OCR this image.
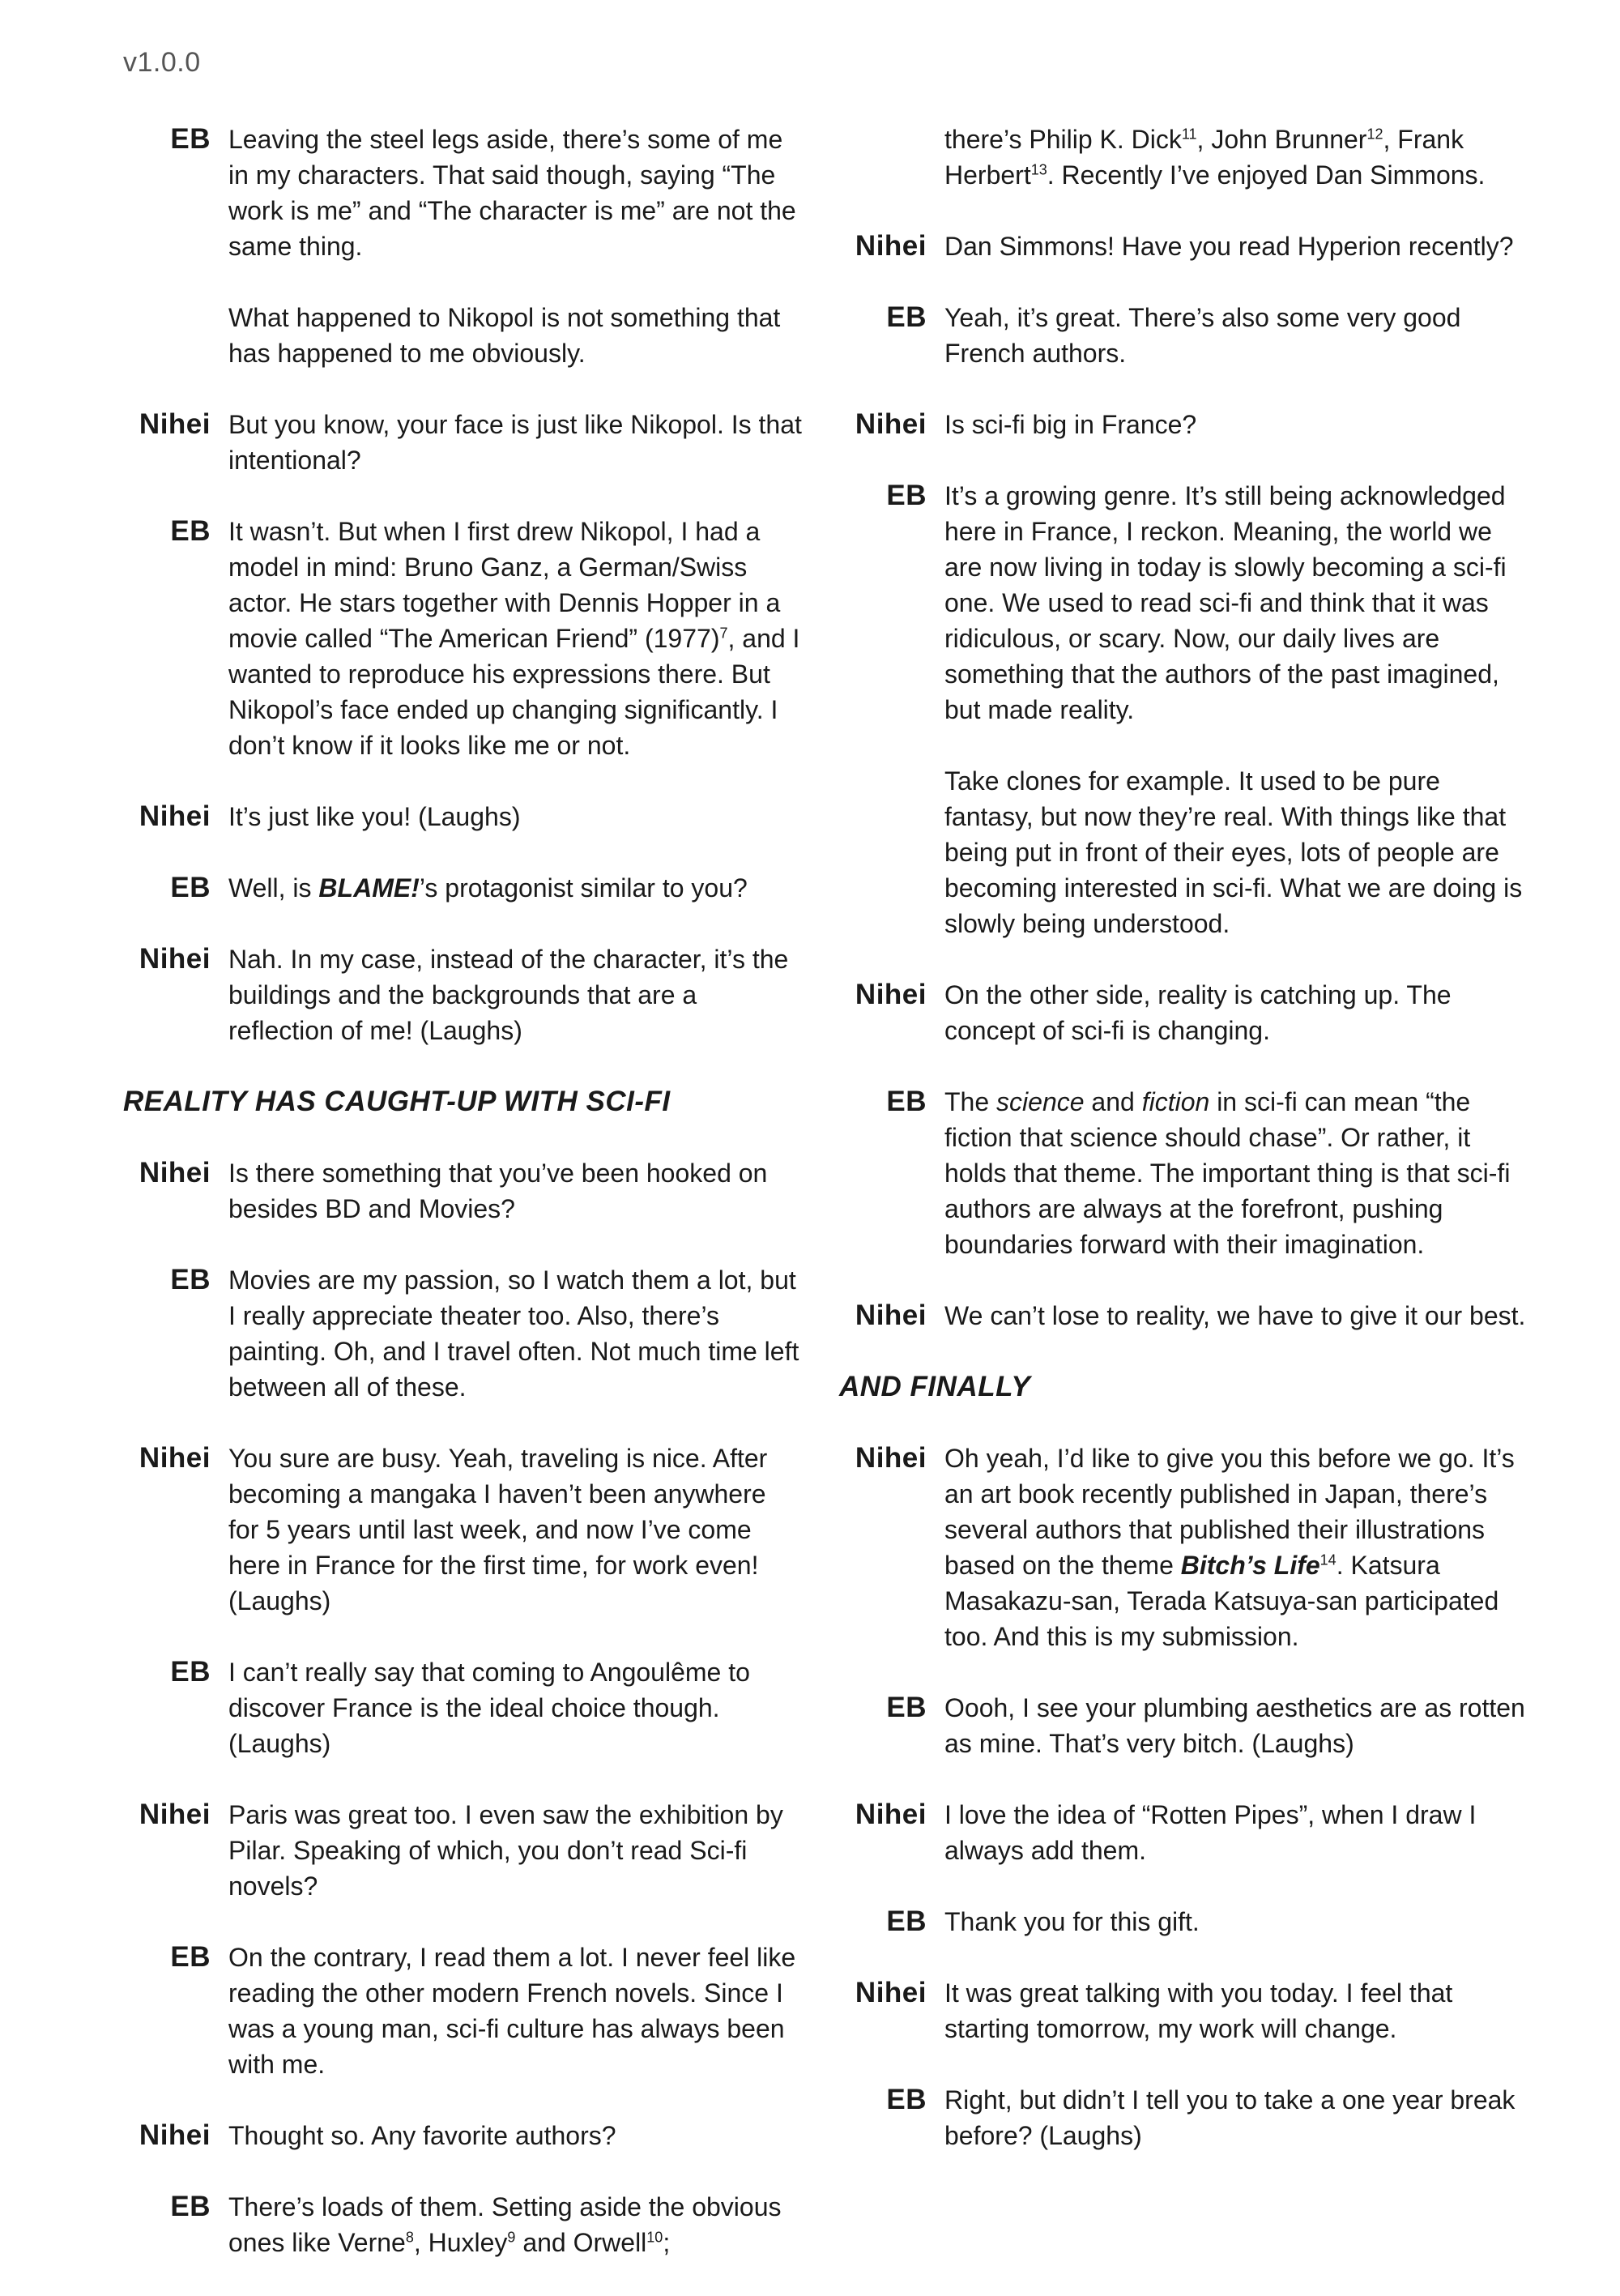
v1.0.0
EB Leaving the steel legs aside, there’s some of me in my characters. That said though, saying “The work is me” and “The character is me” are not the same thing.

What happened to Nikopol is not something that has happened to me obviously.

Nihei But you know, your face is just like Nikopol. Is that intentional?

EB It wasn’t. But when I first drew Nikopol, I had a model in mind: Bruno Ganz, a German/Swiss actor. He stars together with Dennis Hopper in a movie called “The American Friend” $(1977)^7$, and I wanted to reproduce his expressions there. But Nikopol’s face ended up changing significantly. I don’t know if it looks like me or not.

Nihei It’s just like you! (Laughs)

EB Well, is BLAME!’s protagonist similar to you?

Nihei Nah. In my case, instead of the character, it’s the buildings and the backgrounds that are a reflection of me! (Laughs)

REALITY HAS CAUGHT-UP WITH SCI-FI
Nihei Is there something that you’ve been hooked on besides BD and Movies?

EB Movies are my passion, so I watch them a lot, but I really appreciate theater too. Also, there’s painting. Oh, and I travel often. Not much time left between all of these.

Nihei You sure are busy. Yeah, traveling is nice. After becoming a mangaka I haven’t been anywhere for 5 years until last week, and now I’ve come here in France for the first time, for work even! (Laughs)

EB I can’t really say that coming to Angoulême to discover France is the ideal choice though. (Laughs)

Nihei Paris was great too. I even saw the exhibition by Pilar. Speaking of which, you don’t read Sci-fi novels?

EB On the contrary, I read them a lot. I never feel like reading the other modern French novels. Since I was a young man, sci-fi culture has always been with me.

Nihei Thought so. Any favorite authors?

EB There’s loads of them. Setting aside the obvious ones like Verne$^8$, Huxley$^9$ and Orwell$^{10}$;

there’s Philip K. Dick$^{11}$, John Brunner$^{12}$, Frank Herbert$^{13}$. Recently I’ve enjoyed Dan Simmons.

Nihei Dan Simmons! Have you read Hyperion recently?

EB Yeah, it’s great. There’s also some very good French authors.

Nihei Is sci-fi big in France?

EB It’s a growing genre. It’s still being acknowledged here in France, I reckon. Meaning, the world we are now living in today is slowly becoming a sci-fi one. We used to read sci-fi and think that it was ridiculous, or scary. Now, our daily lives are something that the authors of the past imagined, but made reality.

Take clones for example. It used to be pure fantasy, but now they’re real. With things like that being put in front of their eyes, lots of people are becoming interested in sci-fi. What we are doing is slowly being understood.

Nihei On the other side, reality is catching up. The concept of sci-fi is changing.

EB The science and fiction in sci-fi can mean “the fiction that science should chase”. Or rather, it holds that theme. The important thing is that sci-fi authors are always at the forefront, pushing boundaries forward with their imagination.

Nihei We can’t lose to reality, we have to give it our best.

AND FINALLY
Nihei Oh yeah, I’d like to give you this before we go. It’s an art book recently published in Japan, there’s several authors that published their illustrations based on the theme Bitch’s Life$^{14}$. Katsura Masakazu-san, Terada Katsuya-san participated too. And this is my submission.

EB Oooh, I see your plumbing aesthetics are as rotten as mine. That’s very bitch. (Laughs)

Nihei I love the idea of “Rotten Pipes”, when I draw I always add them.

EB Thank you for this gift.

Nihei It was great talking with you today. I feel that starting tomorrow, my work will change.

EB Right, but didn’t I tell you to take a one year break before? (Laughs)
